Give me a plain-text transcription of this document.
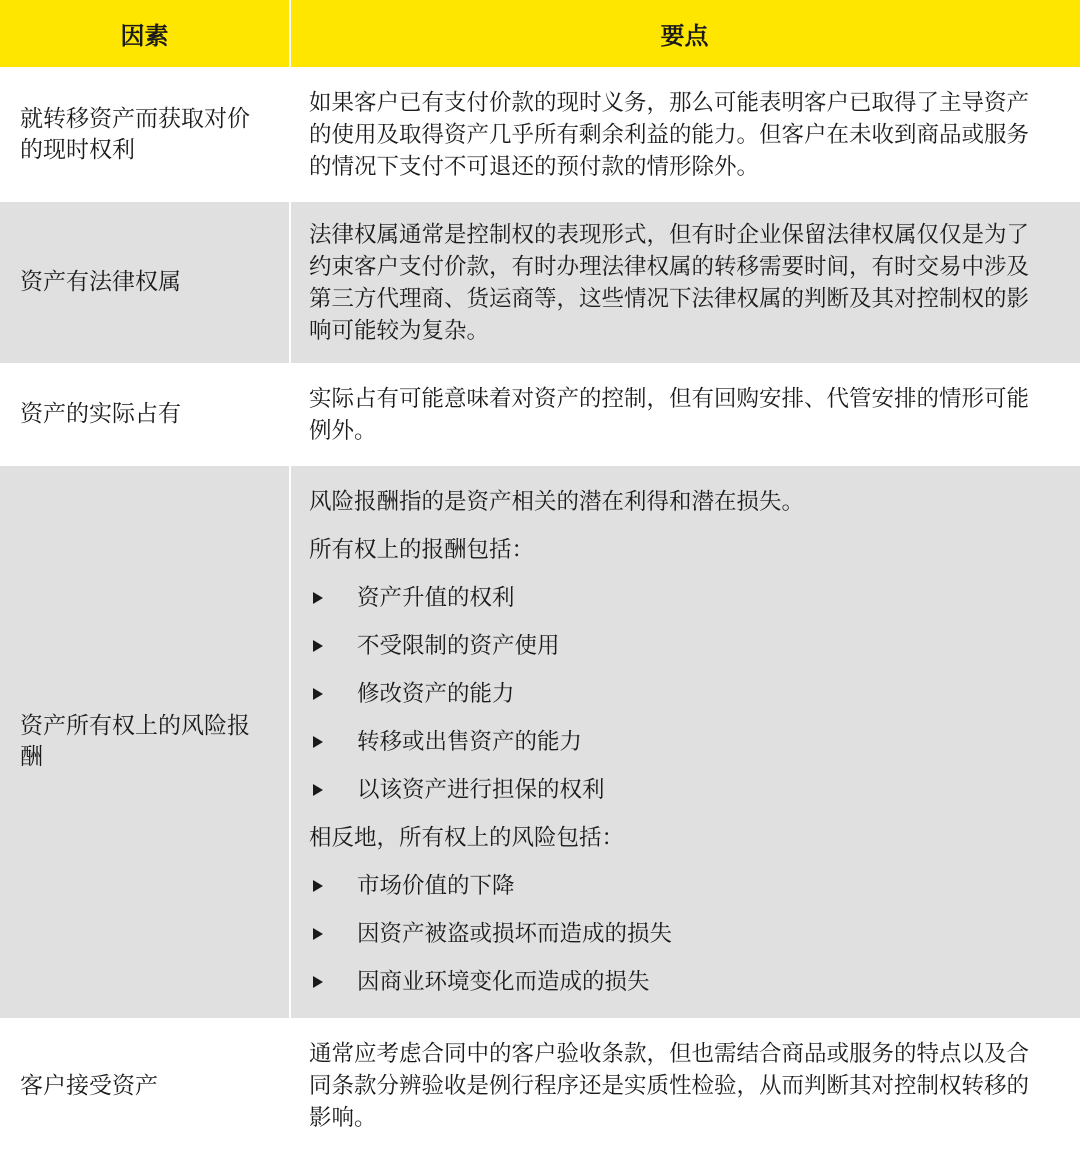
因素	要点
就转移资产而获取对价的现时权利
如果客户已有支付价款的现时义务，那么可能表明客户已取得了主导资产的使用及取得资产几乎所有剩余利益的能力。但客户在未收到商品或服务的情况下支付不可退还的预付款的情形除外。
资产有法律权属
法律权属通常是控制权的表现形式，但有时企业保留法律权属仅仅是为了约束客户支付价款，有时办理法律权属的转移需要时间，有时交易中涉及第三方代理商、货运商等，这些情况下法律权属的判断及其对控制权的影响可能较为复杂。
资产的实际占有
实际占有可能意味着对资产的控制，但有回购安排、代管安排的情形可能例外。
资产所有权上的风险报酬

风险报酬指的是资产相关的潜在利得和潜在损失。

所有权上的报酬包括：

资产升值的权利
不受限制的资产使用
修改资产的能力
转移或出售资产的能力
以该资产进行担保的权利

相反地，所有权上的风险包括：

市场价值的下降
因资产被盗或损坏而造成的损失
因商业环境变化而造成的损失
客户接受资产
通常应考虑合同中的客户验收条款，但也需结合商品或服务的特点以及合同条款分辨验收是例行程序还是实质性检验，从而判断其对控制权转移的影响。
